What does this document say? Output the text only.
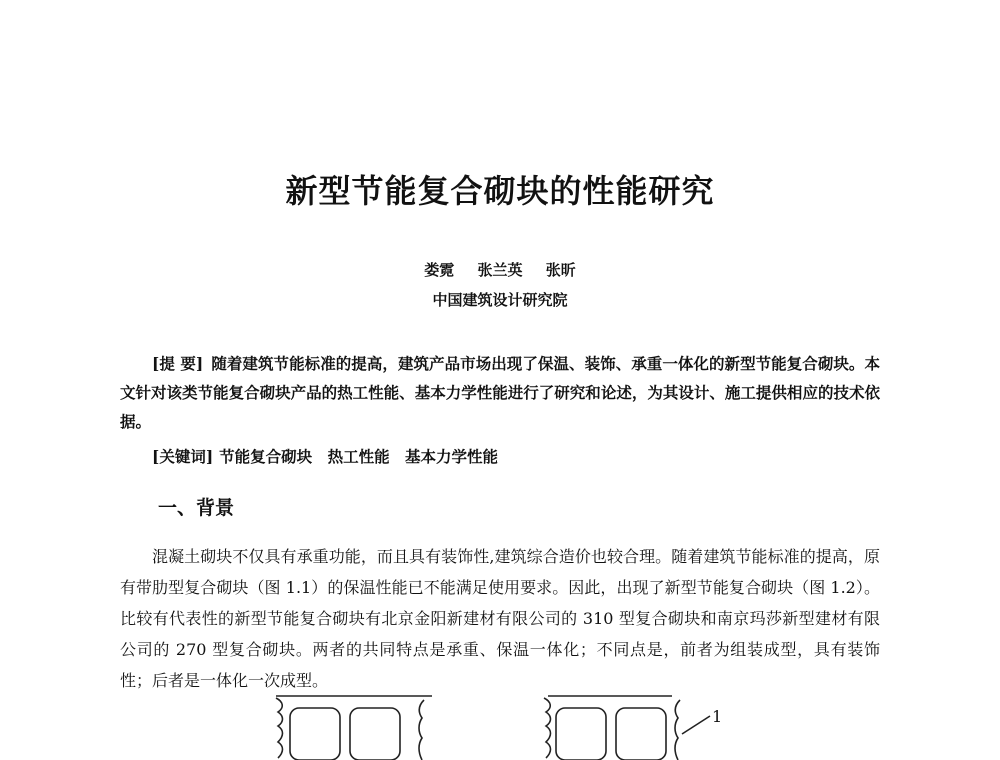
新型节能复合砌块的性能研究
娄霓 张兰英 张昕
中国建筑设计研究院
[提 要] 随着建筑节能标准的提高，建筑产品市场出现了保温、装饰、承重一体化的新型节能复合砌块。本文针对该类节能复合砌块产品的热工性能、基本力学性能进行了研究和论述，为其设计、施工提供相应的技术依据。
[关键词] 节能复合砌块 热工性能 基本力学性能
一、背景
混凝土砌块不仅具有承重功能，而且具有装饰性,建筑综合造价也较合理。随着建筑节能标准的提高，原有带肋型复合砌块（图 1.1）的保温性能已不能满足使用要求。因此，出现了新型节能复合砌块（图 1.2）。比较有代表性的新型节能复合砌块有北京金阳新建材有限公司的 310 型复合砌块和南京玛莎新型建材有限公司的 270 型复合砌块。两者的共同特点是承重、保温一体化；不同点是，前者为组装成型，具有装饰性；后者是一体化一次成型。
1
